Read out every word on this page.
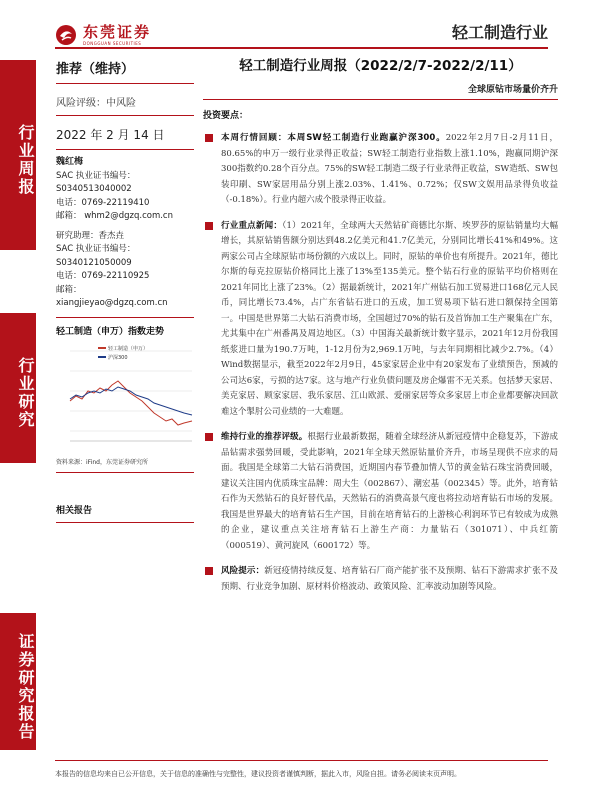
东莞证券
DONGGUAN SECURITIES
轻工制造行业
行业周报
行业研究
证券研究报告
推荐（维持）
风险评级：中风险
2022 年 2 月 14 日
魏红梅
SAC 执业证书编号：
S0340513040002
电话：0769-22119410
邮箱： whm2@dgzq.com.cn
研究助理：香杰垚
SAC 执业证书编号：
S0340121050009
电话：0769-22110925
邮箱：
xiangjieyao@dgzq.com.cn
轻工制造（申万）指数走势
轻工制造（申万）
沪深300
资料来源：iFind，东莞证券研究所
相关报告
轻工制造行业周报（2022/2/7-2022/2/11）
全球原钻市场量价齐升
投资要点：
本周行情回顾：本周SW轻工制造行业跑赢沪深300。2022年2月7日-2月11日，80.65%的申万一级行业录得正收益；SW轻工制造行业指数上涨1.10%，跑赢同期沪深300指数约0.28个百分点。75%的SW轻工制造二级子行业录得正收益，SW造纸、SW包装印刷、SW家居用品分别上涨2.03%、1.41%、0.72%；仅SW文娱用品录得负收益（-0.18%）。行业内超六成个股录得正收益。
行业重点新闻：（1）2021年，全球两大天然钻矿商德比尔斯、埃罗莎的原钻销量均大幅增长，其原钻销售额分别达到48.2亿美元和41.7亿美元，分别同比增长41%和49%。这两家公司占全球原钻市场份额的六成以上。同时，原钻的单价也有所提升。2021年，德比尔斯的每克拉原钻价格同比上涨了13%至135美元。整个钻石行业的原钻平均价格则在2021年同比上涨了23%。（2）据最新统计，2021年广州钻石加工贸易进口168亿元人民币，同比增长73.4%，占广东省钻石进口的五成，加工贸易项下钻石进口额保持全国第一。中国是世界第二大钻石消费市场，全国超过70%的钻石及首饰加工生产聚集在广东，尤其集中在广州番禺及周边地区。（3）中国海关最新统计数字显示，2021年12月份我国纸浆进口量为190.7万吨，1-12月份为2,969.1万吨，与去年同期相比减少2.7%。（4）Wind数据显示，截至2022年2月9日，45家家居企业中有20家发布了业绩预告，预减的公司达6家，亏损的达7家。这与地产行业负债问题及房企爆雷不无关系。包括梦天家居、美克家居、顾家家居、我乐家居、江山欧派、爱丽家居等众多家居上市企业都要解决回款难这个掣肘公司业绩的一大难题。
维持行业的推荐评级。根据行业最新数据，随着全球经济从新冠疫情中企稳复苏，下游成品钻需求强势回暖，受此影响，2021年全球天然原钻量价齐升，市场呈现供不应求的局面。我国是全球第二大钻石消费国，近期国内春节叠加情人节的黄金钻石珠宝消费回暖，建议关注国内优质珠宝品牌：周大生（002867）、潮宏基（002345）等。此外，培育钻石作为天然钻石的良好替代品，天然钻石的消费高景气度也将拉动培育钻石市场的发展。我国是世界最大的培育钻石生产国，目前在培育钻石的上游核心利润环节已有较成为成熟的企业，建议重点关注培育钻石上游生产商：力量钻石（301071）、中兵红箭（000519）、黄河旋风（600172）等。
风险提示：新冠疫情持续反复、培育钻石厂商产能扩张不及预期、钻石下游需求扩张不及预期、行业竞争加剧、原材料价格波动、政策风险、汇率波动加剧等风险。
本报告的信息均来自已公开信息，关于信息的准确性与完整性，建议投资者谨慎判断，据此入市，风险自担。请务必阅读末页声明。
